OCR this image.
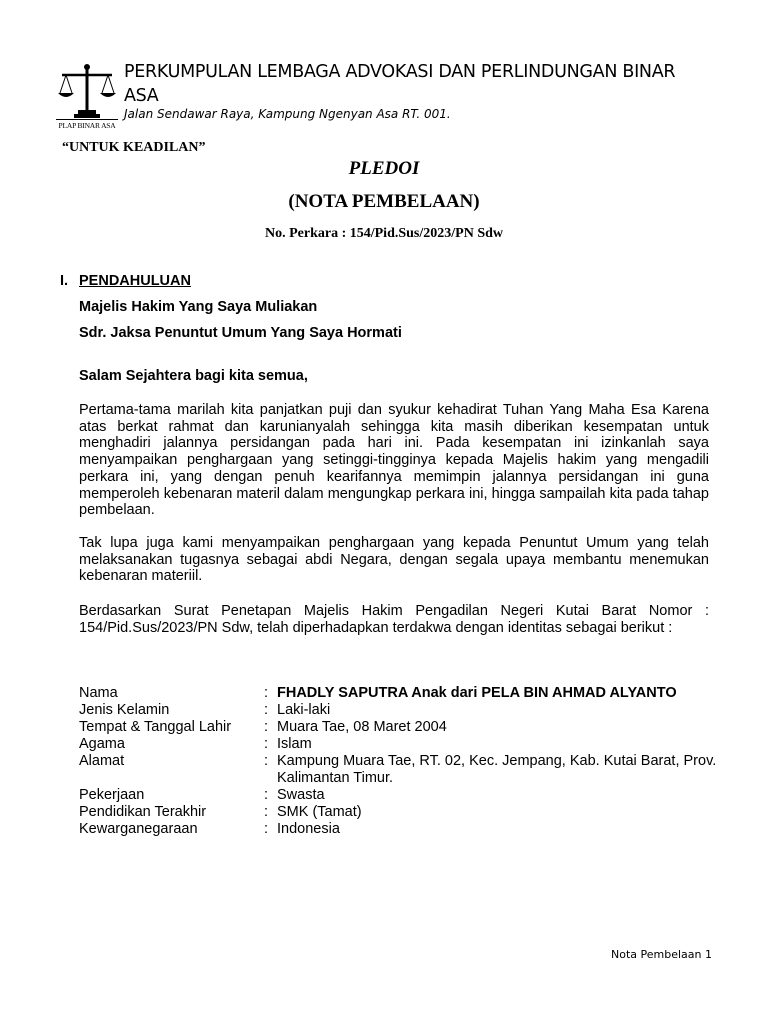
PLAP BINAR ASA
PERKUMPULAN LEMBAGA ADVOKASI DAN PERLINDUNGAN BINAR ASA
Jalan Sendawar Raya, Kampung Ngenyan Asa RT. 001.
“UNTUK KEADILAN”
PLEDOI
(NOTA PEMBELAAN)
No. Perkara : 154/Pid.Sus/2023/PN Sdw
I. PENDAHULUAN
Majelis Hakim Yang Saya Muliakan
Sdr. Jaksa Penuntut Umum Yang Saya Hormati
Salam Sejahtera bagi kita semua,
Pertama-tama marilah kita panjatkan puji dan syukur kehadirat Tuhan Yang Maha Esa Karena atas berkat rahmat dan karunianyalah sehingga kita masih diberikan kesempatan untuk menghadiri jalannya persidangan pada hari ini. Pada kesempatan ini izinkanlah saya menyampaikan penghargaan yang setinggi-tingginya kepada Majelis hakim yang mengadili perkara ini, yang dengan penuh kearifannya memimpin jalannya persidangan ini guna memperoleh kebenaran materil dalam mengungkap perkara ini, hingga sampailah kita pada tahap pembelaan.
Tak lupa juga kami menyampaikan penghargaan yang kepada Penuntut Umum yang telah melaksanakan tugasnya sebagai abdi Negara, dengan segala upaya membantu menemukan kebenaran materiil.
Berdasarkan Surat Penetapan Majelis Hakim Pengadilan Negeri Kutai Barat Nomor : 154/Pid.Sus/2023/PN Sdw, telah diperhadapkan terdakwa dengan identitas sebagai berikut :
Nama	: FHADLY SAPUTRA Anak dari PELA BIN AHMAD ALYANTO
Jenis Kelamin	: Laki-laki
Tempat & Tanggal Lahir : Muara Tae, 08 Maret 2004
Agama	: Islam
Alamat	: Kampung Muara Tae, RT. 02, Kec. Jempang, Kab. Kutai Barat, Prov. Kalimantan Timur.
Pekerjaan	: Swasta
Pendidikan Terakhir	: SMK (Tamat)
Kewarganegaraan	: Indonesia
Nota Pembelaan 1
